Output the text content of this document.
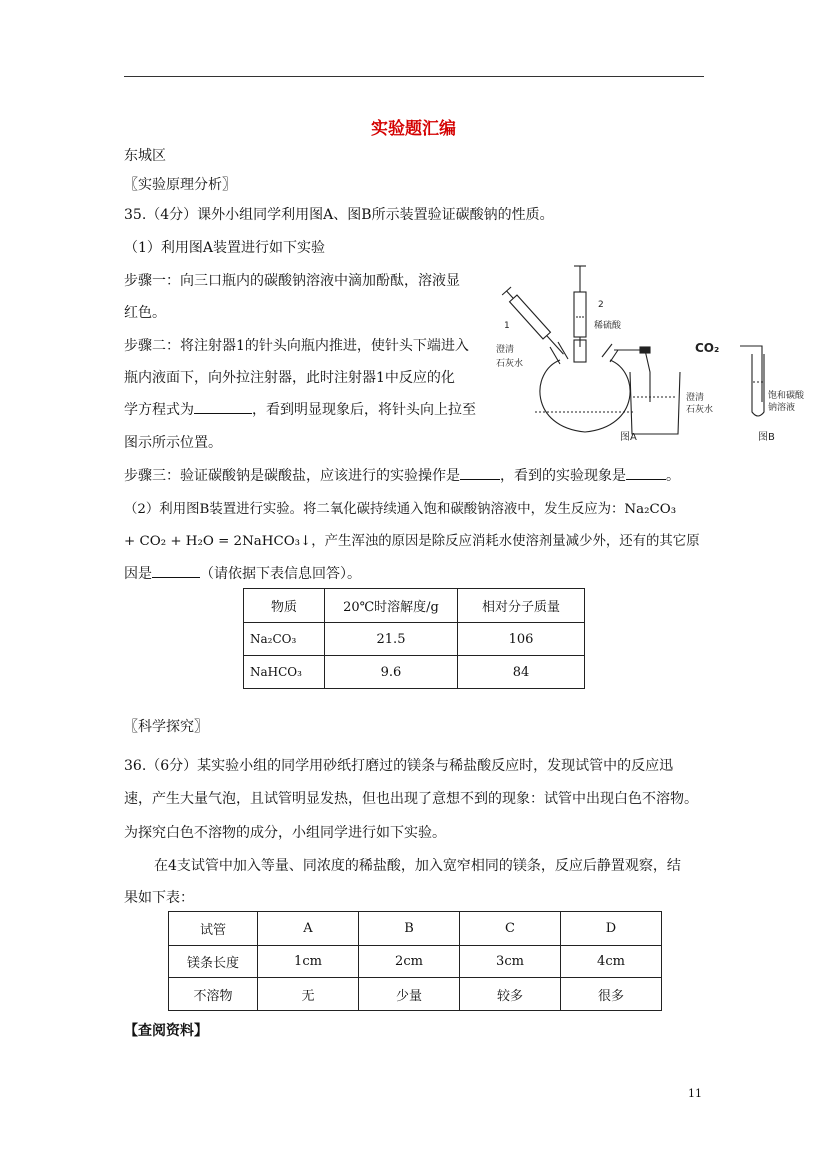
实验题汇编
东城区
〖实验原理分析〗
35.（4分）课外小组同学利用图A、图B所示装置验证碳酸钠的性质。
（1）利用图A装置进行如下实验
步骤一：向三口瓶内的碳酸钠溶液中滴加酚酞，溶液显
红色。
步骤二：将注射器1的针头向瓶内推进，使针头下端进入
瓶内液面下，向外拉注射器，此时注射器1中反应的化
学方程式为	，看到明显现象后，将针头向上拉至
图示所示位置。
步骤三：验证碳酸钠是碳酸盐，应该进行的实验操作是	，看到的实验现象是	。
（2）利用图B装置进行实验。将二氧化碳持续通入饱和碳酸钠溶液中，发生反应为：Na₂CO₃
+ CO₂ + H₂O = 2NaHCO₃↓，产生浑浊的原因是除反应消耗水使溶剂量减少外，还有的其它原
因是	（请依据下表信息回答）。
2
1	稀硫酸
澄清
石灰水
澄清
石灰水
饱和碳酸
钠溶液
CO₂
图A	图B
物质	20℃时溶解度/g	相对分子质量
Na₂CO₃	21.5	106
NaHCO₃	9.6	84
〖科学探究〗
36.（6分）某实验小组的同学用砂纸打磨过的镁条与稀盐酸反应时，发现试管中的反应迅
速，产生大量气泡，且试管明显发热，但也出现了意想不到的现象：试管中出现白色不溶物。
为探究白色不溶物的成分，小组同学进行如下实验。
在4支试管中加入等量、同浓度的稀盐酸，加入宽窄相同的镁条，反应后静置观察，结
果如下表：
试管	A	B	C	D
镁条长度	1cm	2cm	3cm	4cm
不溶物	无	少量	较多	很多
【查阅资料】
11
